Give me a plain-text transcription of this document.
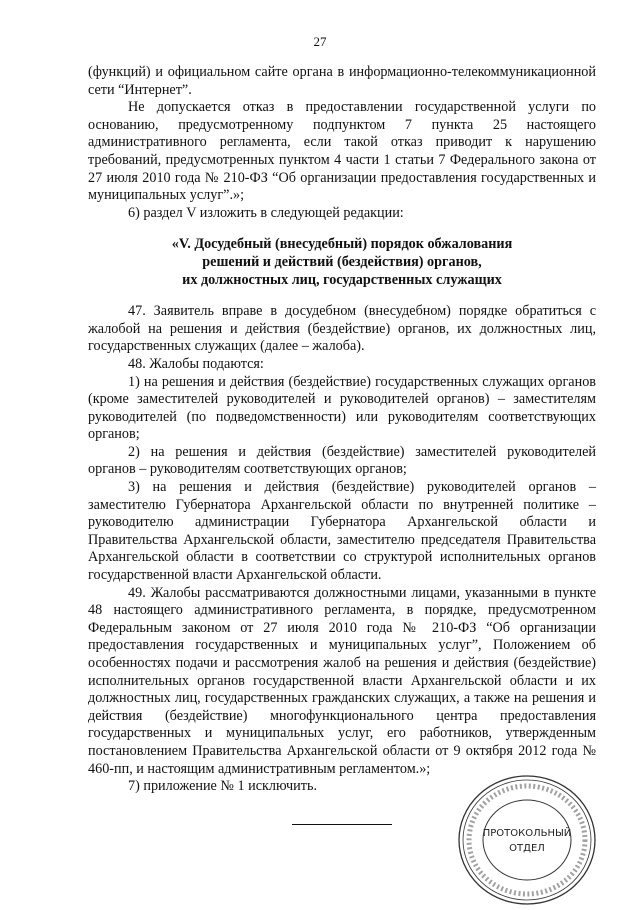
27

(функций) и официальном сайте органа в информационно-телекоммуникационной сети “Интернет”.

Не допускается отказ в предоставлении государственной услуги по основанию, предусмотренному подпунктом 7 пункта 25 настоящего административного регламента, если такой отказ приводит к нарушению требований, предусмотренных пунктом 4 части 1 статьи 7 Федерального закона от 27 июля 2010 года № 210-ФЗ “Об организации предоставления государственных и муниципальных услуг”.»;

6) раздел V изложить в следующей редакции:

«V. Досудебный (внесудебный) порядок обжалования
решений и действий (бездействия) органов,
их должностных лиц, государственных служащих

47. Заявитель вправе в досудебном (внесудебном) порядке обратиться с жалобой на решения и действия (бездействие) органов, их должностных лиц, государственных служащих (далее – жалоба).

48. Жалобы подаются:

1) на решения и действия (бездействие) государственных служащих органов (кроме заместителей руководителей и руководителей органов) – заместителям руководителей (по подведомственности) или руководителям соответствующих органов;

2) на решения и действия (бездействие) заместителей руководителей органов – руководителям соответствующих органов;

3) на решения и действия (бездействие) руководителей органов – заместителю Губернатора Архангельской области по внутренней политике – руководителю администрации Губернатора Архангельской области и Правительства Архангельской области, заместителю председателя Правительства Архангельской области в соответствии со структурой исполнительных органов государственной власти Архангельской области.

49. Жалобы рассматриваются должностными лицами, указанными в пункте 48 настоящего административного регламента, в порядке, предусмотренном Федеральным законом от 27 июля 2010 года № 210-ФЗ “Об организации предоставления государственных и муниципальных услуг”, Положением об особенностях подачи и рассмотрения жалоб на решения и действия (бездействие) исполнительных органов государственной власти Архангельской области и их должностных лиц, государственных гражданских служащих, а также на решения и действия (бездействие) многофункционального центра предоставления государственных и муниципальных услуг, его работников, утвержденным постановлением Правительства Архангельской области от 9 октября 2012 года № 460-пп, и настоящим административным регламентом.»;

7) приложение № 1 исключить.

ПРОТОКОЛЬНЫЙ
ОТДЕЛ
